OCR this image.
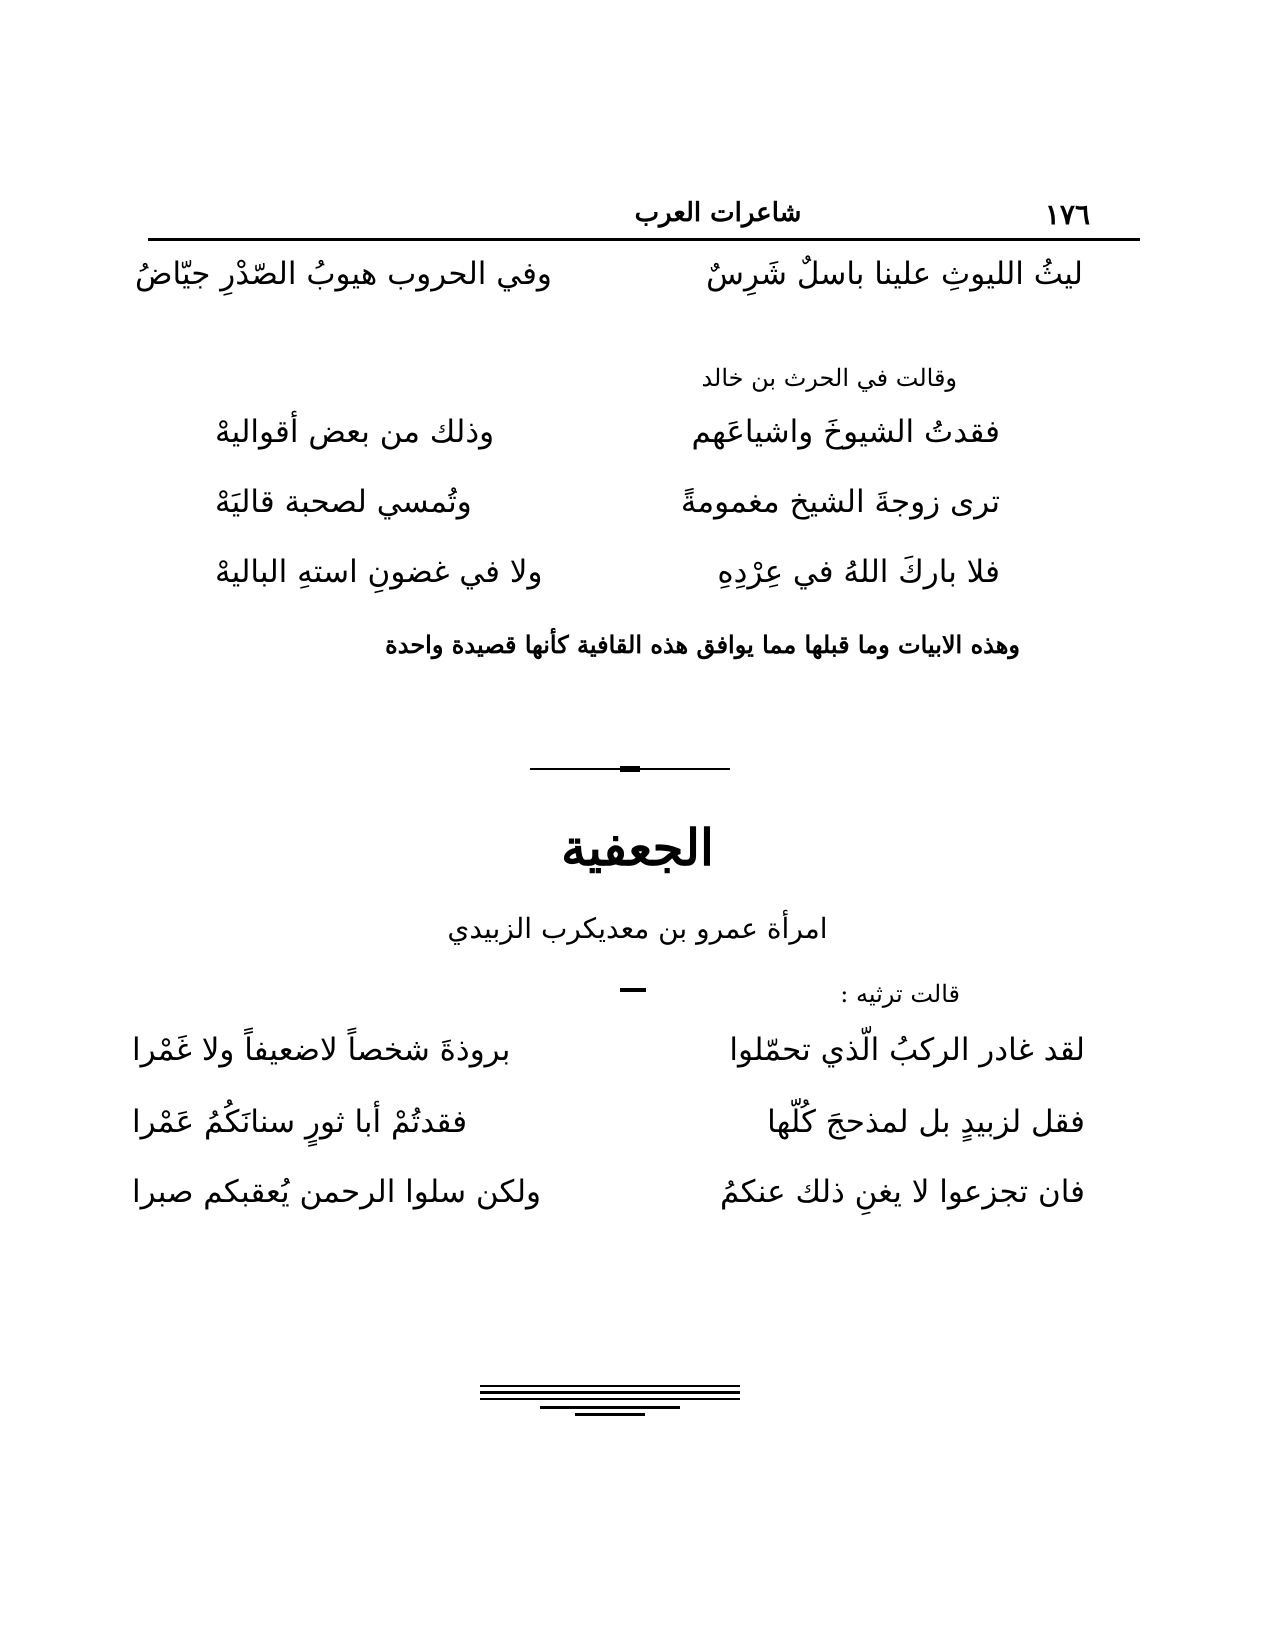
شاعرات العرب	١٧٦
ليثُ الليوثِ علينا باسلٌ شَرِسٌ
وفي الحروب هيوبُ الصّدْرِ جيّاضُ
وقالت في الحرث بن خالد
فقدتُ الشيوخَ واشياعَهم
وذلك من بعض أقواليهْ
ترى زوجةَ الشيخ مغمومةً
وتُمسي لصحبة قاليَهْ
فلا باركَ اللهُ في عِرْدِهِ
ولا في غضونِ استهِ الباليهْ
وهذه الابيات وما قبلها مما يوافق هذه القافية كأنها قصيدة واحدة
الجعفية
امرأة عمرو بن معديكرب الزبيدي
قالت ترثيه :
لقد غادر الركبُ الّذي تحمّلوا
بروذةَ شخصاً لاضعيفاً ولا غَمْرا
فقل لزبيدٍ بل لمذحجَ كُلّها
فقدتُمْ أبا ثورٍ سنانَكُمُ عَمْرا
فان تجزعوا لا يغنِ ذلك عنكمُ
ولكن سلوا الرحمن يُعقبكم صبرا
